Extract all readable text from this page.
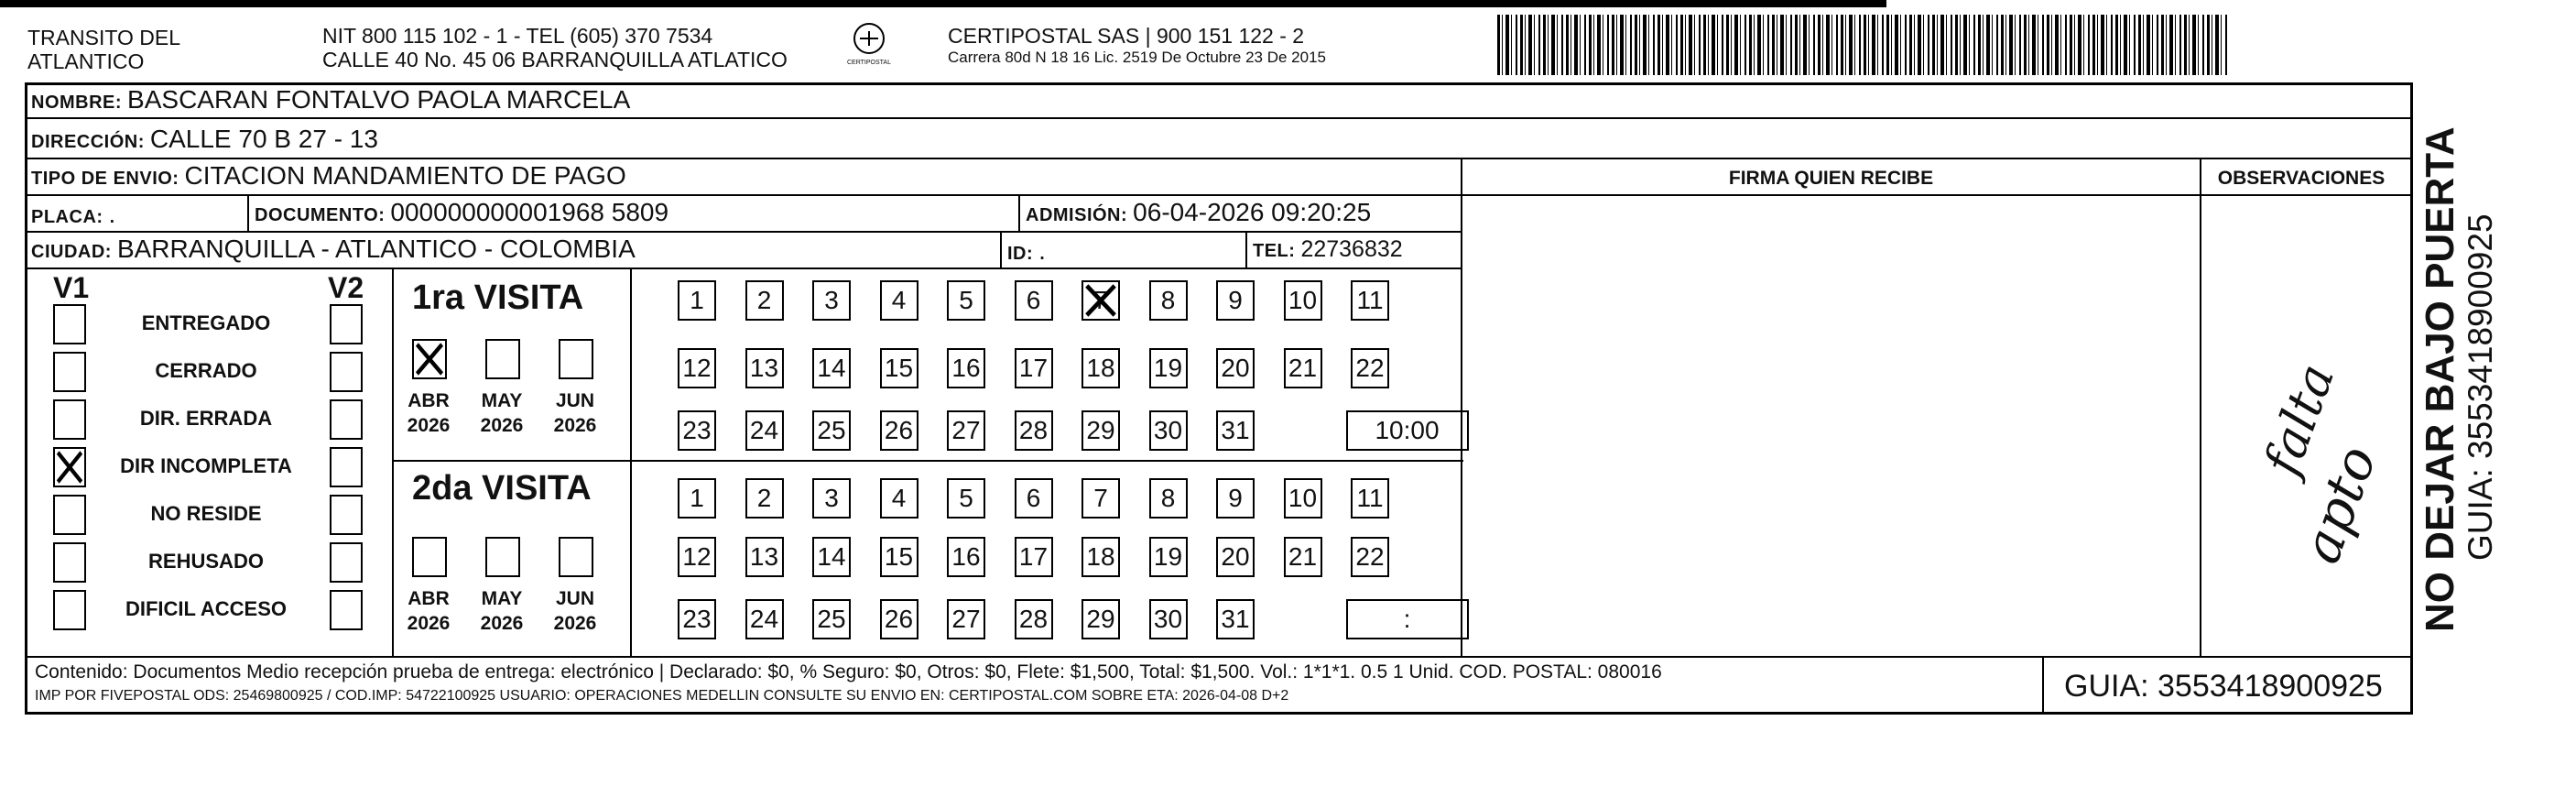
TRANSITO DEL
ATLANTICO
NIT 800 115 102 - 1 - TEL (605) 370 7534
CALLE 40 No. 45 06 BARRANQUILLA ATLATICO	CERTIPOSTAL
CERTIPOSTAL SAS | 900 151 122 - 2
Carrera 80d N 18 16 Lic. 2519 De Octubre 23 De 2015
NOMBRE: BASCARAN FONTALVO PAOLA MARCELA
DIRECCIÓN: CALLE 70 B 27 - 13
TIPO DE ENVIO: CITACION MANDAMIENTO DE PAGO	FIRMA QUIEN RECIBE	OBSERVACIONES
PLACA: .	DOCUMENTO: 000000000001968 5809	ADMISIÓN: 06-04-2026 09:20:25
CIUDAD: BARRANQUILLA - ATLANTICO - COLOMBIA	ID: .	TEL: 22736832
V1	V2
ENTREGADO
CERRADO
DIR. ERRADA
DIR INCOMPLETA
NO RESIDE
REHUSADO
DIFICIL ACCESO
1ra VISITA
ABR
2026
MAY
2026
JUN
2026
1	2	3	4	5	6	7	8	9	10 11
12 13 14 15 16 17 18 19 20 21 22
23 24 25 26 27 28 29 30 31	10:00
2da VISITA
ABR
2026
MAY
2026
JUN
2026
1	2	3	4	5	6	7	8	9	10 11
12 13 14 15 16 17 18 19 20 21 22
23 24 25 26 27 28 29 30 31	:
falta
apto NO DEJAR BAJO PUERTA GUIA: 3553418900925
Contenido: Documentos Medio recepción prueba de entrega: electrónico | Declarado: $0, % Seguro: $0, Otros: $0, Flete: $1,500, Total: $1,500. Vol.: 1*1*1. 0.5 1 Unid. COD. POSTAL: 080016
IMP POR FIVEPOSTAL ODS: 25469800925 / COD.IMP: 54722100925 USUARIO: OPERACIONES MEDELLIN CONSULTE SU ENVIO EN: CERTIPOSTAL.COM SOBRE ETA: 2026-04-08 D+2	GUIA: 3553418900925
